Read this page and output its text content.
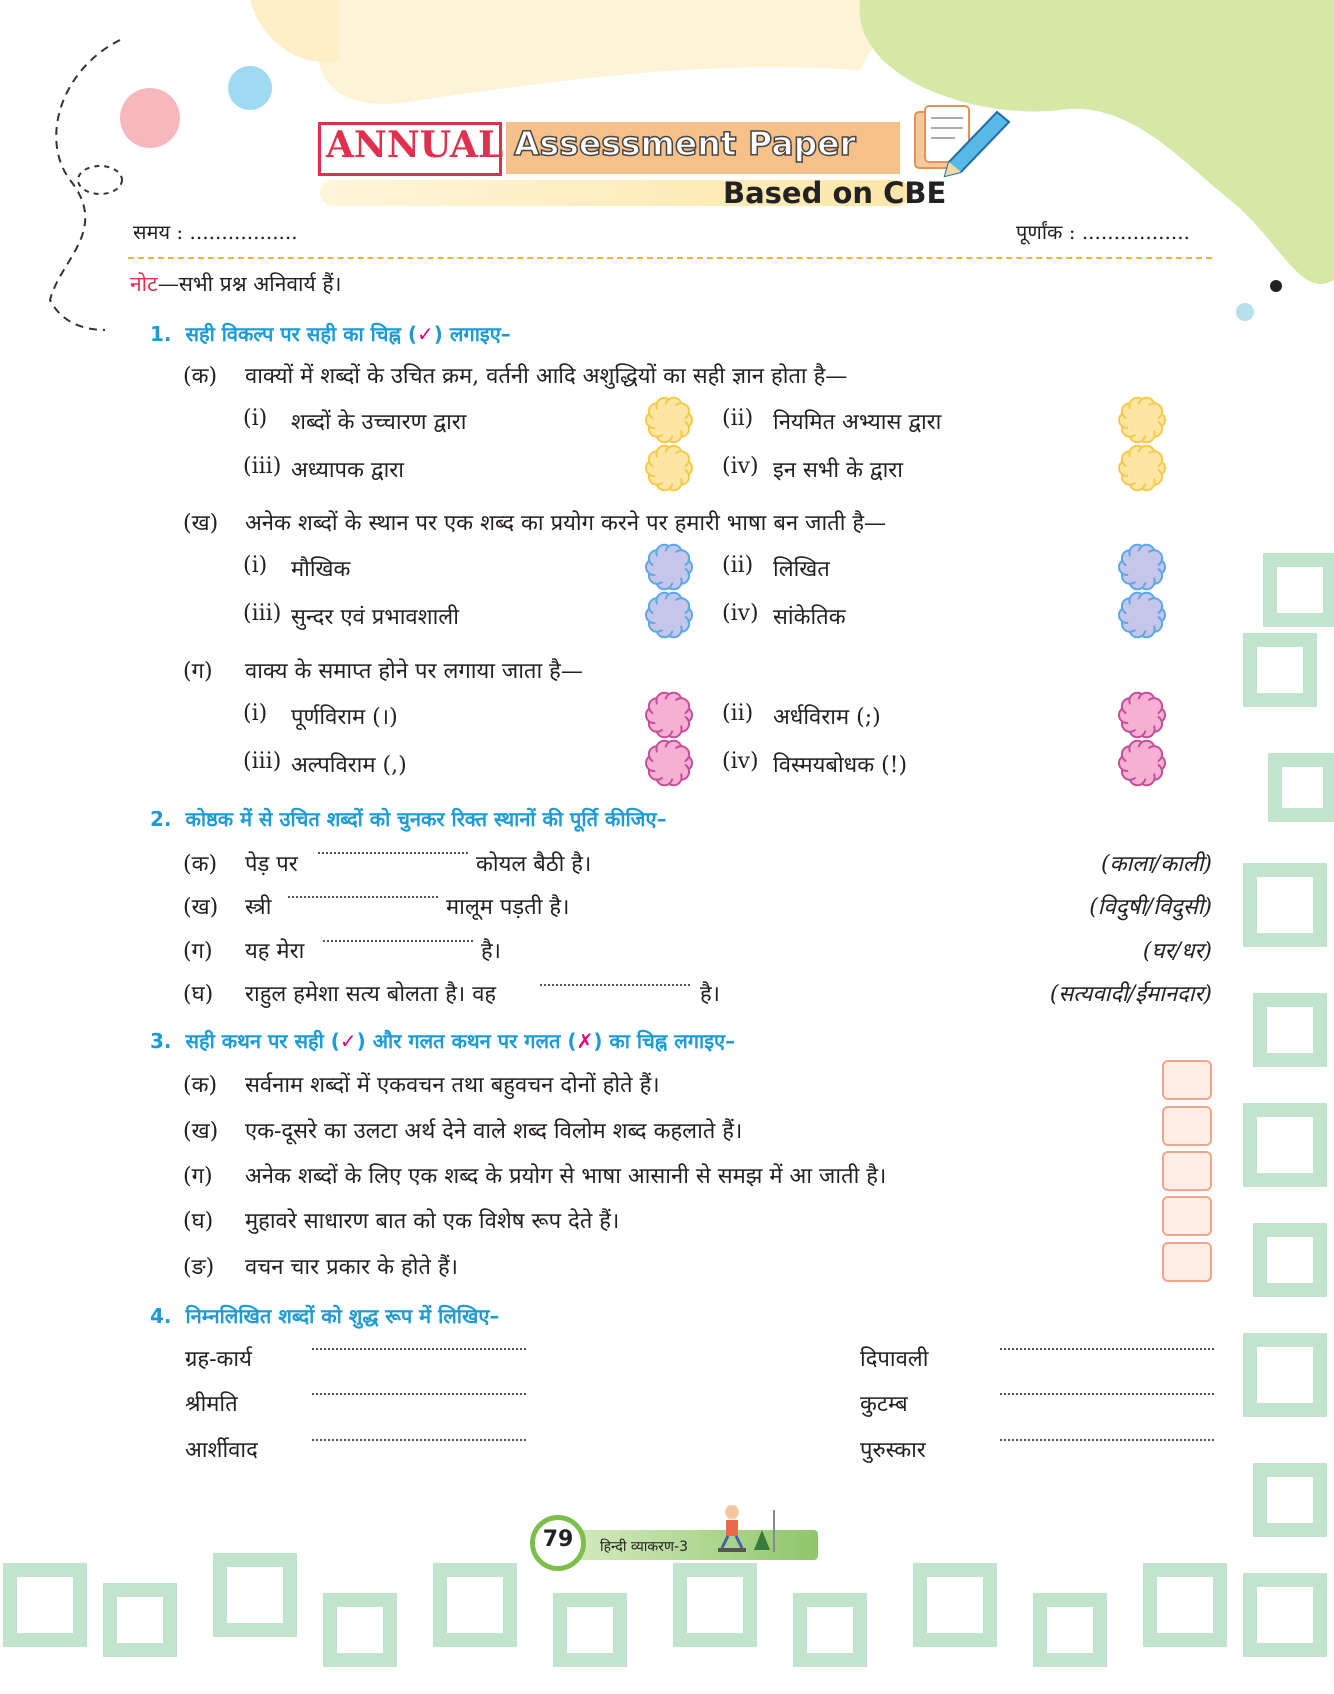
ANNUAL Assessment Paper
Based on CBE
समय : .................	पूर्णांक : .................
नोट—सभी प्रश्न अनिवार्य हैं।
1. सही विकल्प पर सही का चिह्न (✓) लगाइए–
(क) वाक्यों में शब्दों के उचित क्रम, वर्तनी आदि अशुद्धियों का सही ज्ञान होता है—
(i) शब्दों के उच्चारण द्वारा	(ii) नियमित अभ्यास द्वारा
(iii) अध्यापक द्वारा	(iv) इन सभी के द्वारा
(ख) अनेक शब्दों के स्थान पर एक शब्द का प्रयोग करने पर हमारी भाषा बन जाती है—
(i) मौखिक	(ii) लिखित
(iii) सुन्दर एवं प्रभावशाली	(iv) सांकेतिक
(ग) वाक्य के समाप्त होने पर लगाया जाता है—
(i) पूर्णविराम (।)	(ii) अर्धविराम (;)
(iii) अल्पविराम (,)	(iv) विस्मयबोधक (!)
2. कोष्ठक में से उचित शब्दों को चुनकर रिक्त स्थानों की पूर्ति कीजिए–
(क) पेड़ पर	कोयल बैठी है।	(काला/काली)
(ख) स्त्री	मालूम पड़ती है।	(विदुषी/विदुसी)
(ग) यह मेरा	है।	(घर/धर)
(घ) राहुल हमेशा सत्य बोलता है। वह	है।	(सत्यवादी/ईमानदार)
3. सही कथन पर सही (✓) और गलत कथन पर गलत (✗) का चिह्न लगाइए–
(क) सर्वनाम शब्दों में एकवचन तथा बहुवचन दोनों होते हैं।
(ख) एक-दूसरे का उलटा अर्थ देने वाले शब्द विलोम शब्द कहलाते हैं।
(ग) अनेक शब्दों के लिए एक शब्द के प्रयोग से भाषा आसानी से समझ में आ जाती है।
(घ) मुहावरे साधारण बात को एक विशेष रूप देते हैं।
(ङ) वचन चार प्रकार के होते हैं।
4. निम्नलिखित शब्दों को शुद्ध रूप में लिखिए–
ग्रह-कार्य	दिपावली
श्रीमति	कुटम्ब
आर्शीवाद	पुरुस्कार
79	हिन्दी व्याकरण-3
